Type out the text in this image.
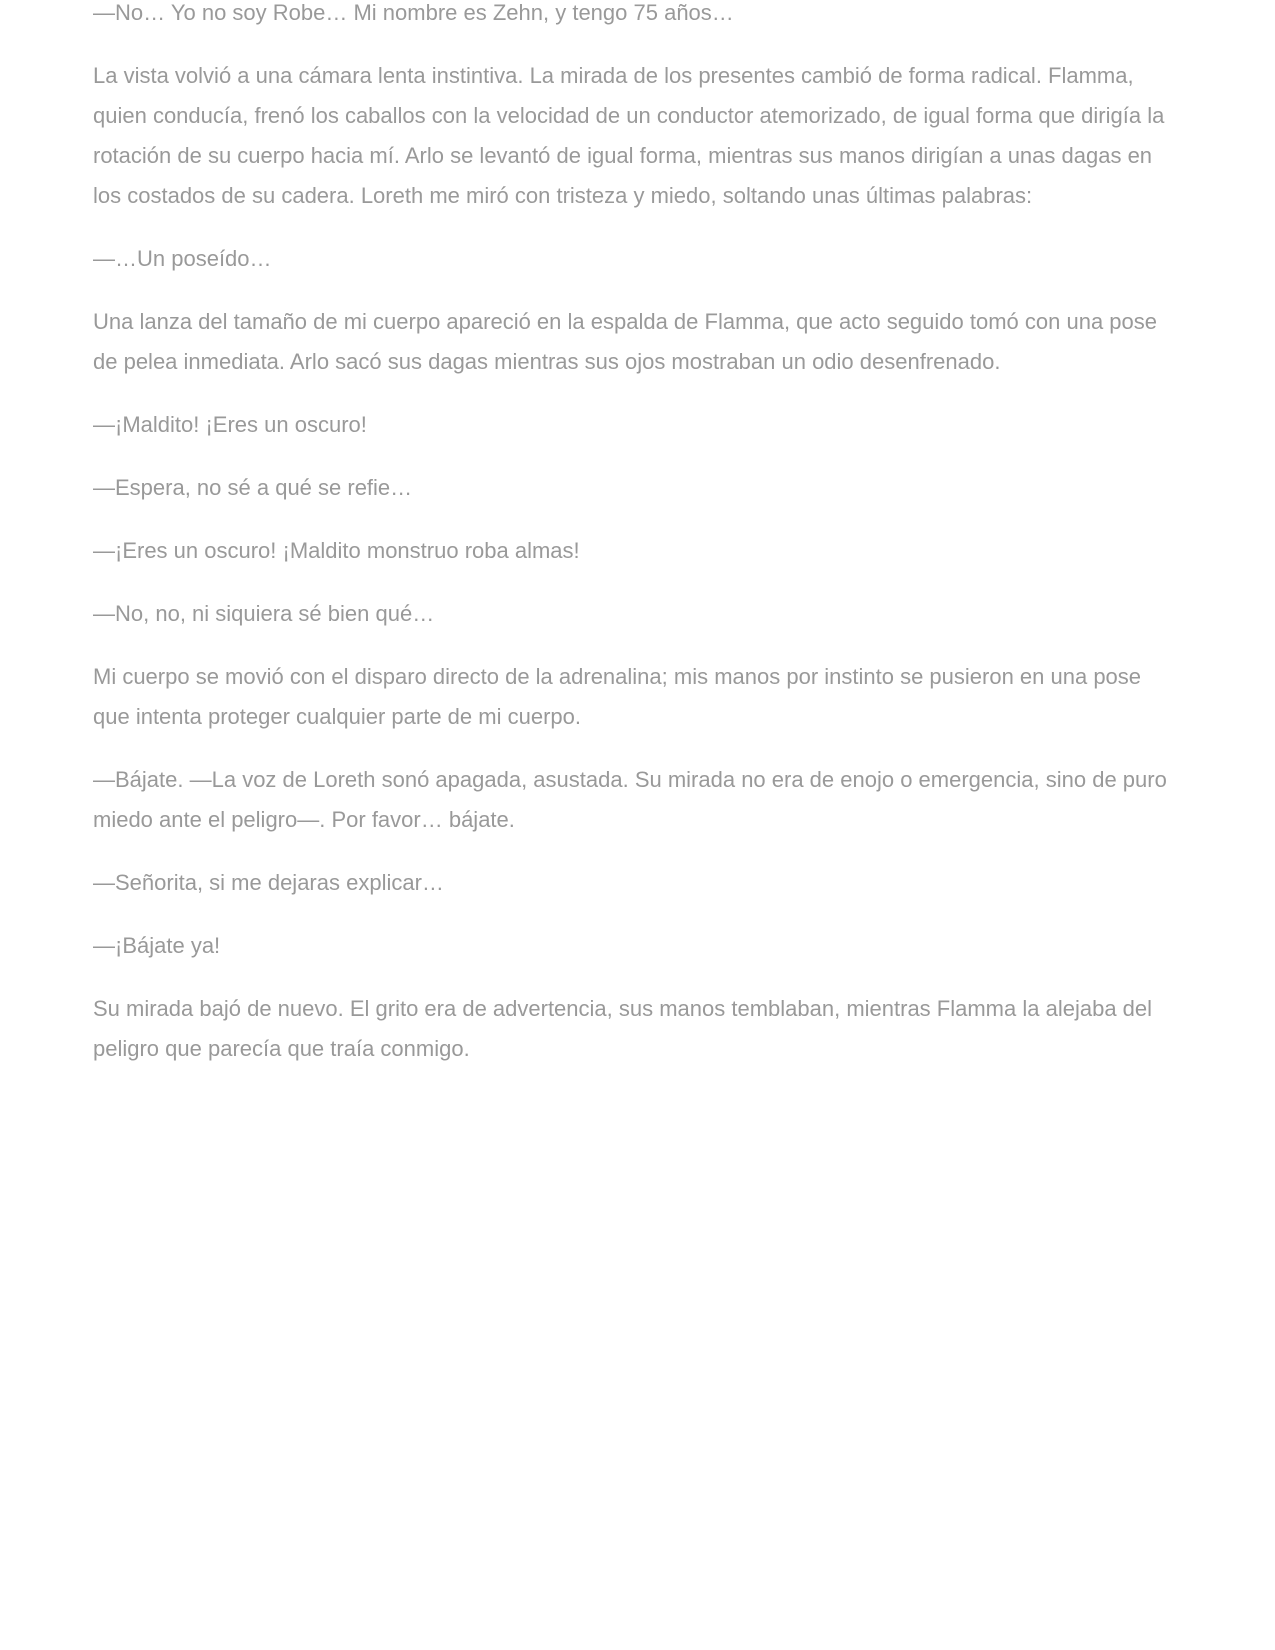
—No… Yo no soy Robe… Mi nombre es Zehn, y tengo 75 años…

La vista volvió a una cámara lenta instintiva. La mirada de los presentes cambió de forma radical. Flamma, quien conducía, frenó los caballos con la velocidad de un conductor atemorizado, de igual forma que dirigía la rotación de su cuerpo hacia mí. Arlo se levantó de igual forma, mientras sus manos dirigían a unas dagas en los costados de su cadera. Loreth me miró con tristeza y miedo, soltando unas últimas palabras:

—…Un poseído…

Una lanza del tamaño de mi cuerpo apareció en la espalda de Flamma, que acto seguido tomó con una pose de pelea inmediata. Arlo sacó sus dagas mientras sus ojos mostraban un odio desenfrenado.

—¡Maldito! ¡Eres un oscuro!

—Espera, no sé a qué se refie…

—¡Eres un oscuro! ¡Maldito monstruo roba almas!

—No, no, ni siquiera sé bien qué…

Mi cuerpo se movió con el disparo directo de la adrenalina; mis manos por instinto se pusieron en una pose que intenta proteger cualquier parte de mi cuerpo.

—Bájate. —La voz de Loreth sonó apagada, asustada. Su mirada no era de enojo o emergencia, sino de puro miedo ante el peligro—. Por favor… bájate.

—Señorita, si me dejaras explicar…

—¡Bájate ya!

Su mirada bajó de nuevo. El grito era de advertencia, sus manos temblaban, mientras Flamma la alejaba del peligro que parecía que traía conmigo.
